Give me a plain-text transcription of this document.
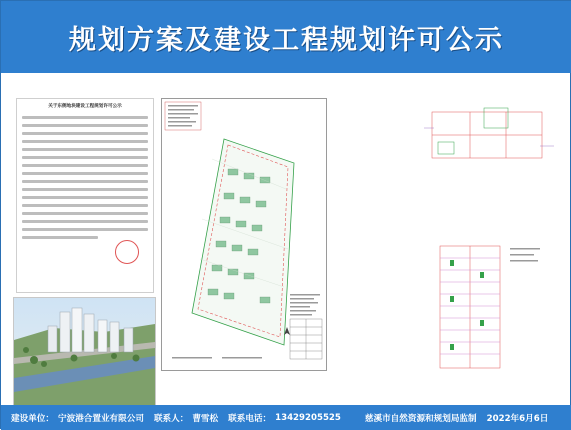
规划方案及建设工程规划许可公示
关于东侧地块建设工程规划许可公示
建设单位： 宁波港合置业有限公司 联系人： 曹雪松 联系电话： 13429205525	慈溪市自然资源和规划局监制 2022年6月6日
